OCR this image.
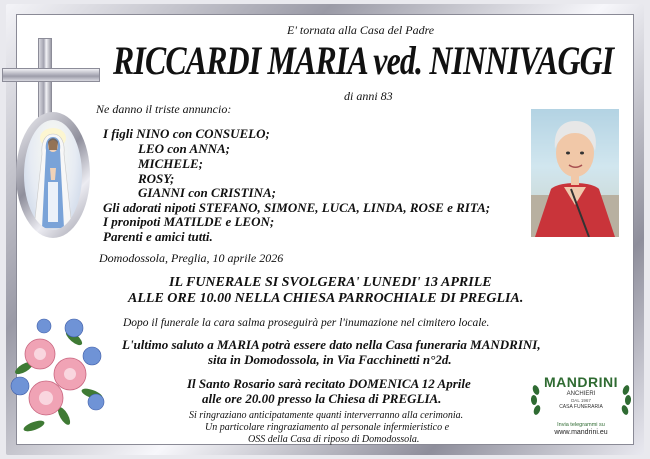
E' tornata alla Casa del Padre
RICCARDI MARIA ved. NINNIVAGGI
di anni 83
Ne danno il triste annuncio:
I figli NINO con CONSUELO;
LEO con ANNA;
MICHELE;
ROSY;
GIANNI con CRISTINA;
Gli adorati nipoti STEFANO, SIMONE, LUCA, LINDA, ROSE e RITA;
I pronipoti MATILDE e LEON;
Parenti e amici tutti.
Domodossola, Preglia, 10 aprile 2026
IL FUNERALE SI SVOLGERA' LUNEDI' 13 APRILE
ALLE ORE 10.00 NELLA CHIESA PARROCHIALE DI PREGLIA.
Dopo il funerale la cara salma proseguirà per l'inumazione nel cimitero locale.
L'ultimo saluto a MARIA potrà essere dato nella Casa funeraria MANDRINI,
sita in Domodossola, in Via Facchinetti n°2d.
Il Santo Rosario sarà recitato DOMENICA 12 Aprile
alle ore 20.00 presso la Chiesa di PREGLIA.
Si ringraziano anticipatamente quanti interverranno alla cerimonia.
Un particolare ringraziamento al personale infermieristico e
OSS della Casa di riposo di Domodossola.
MANDRINI
ANCHIERI
DAL 1967
CASA FUNERARIA
Invia telegrammi su
www.mandrini.eu
